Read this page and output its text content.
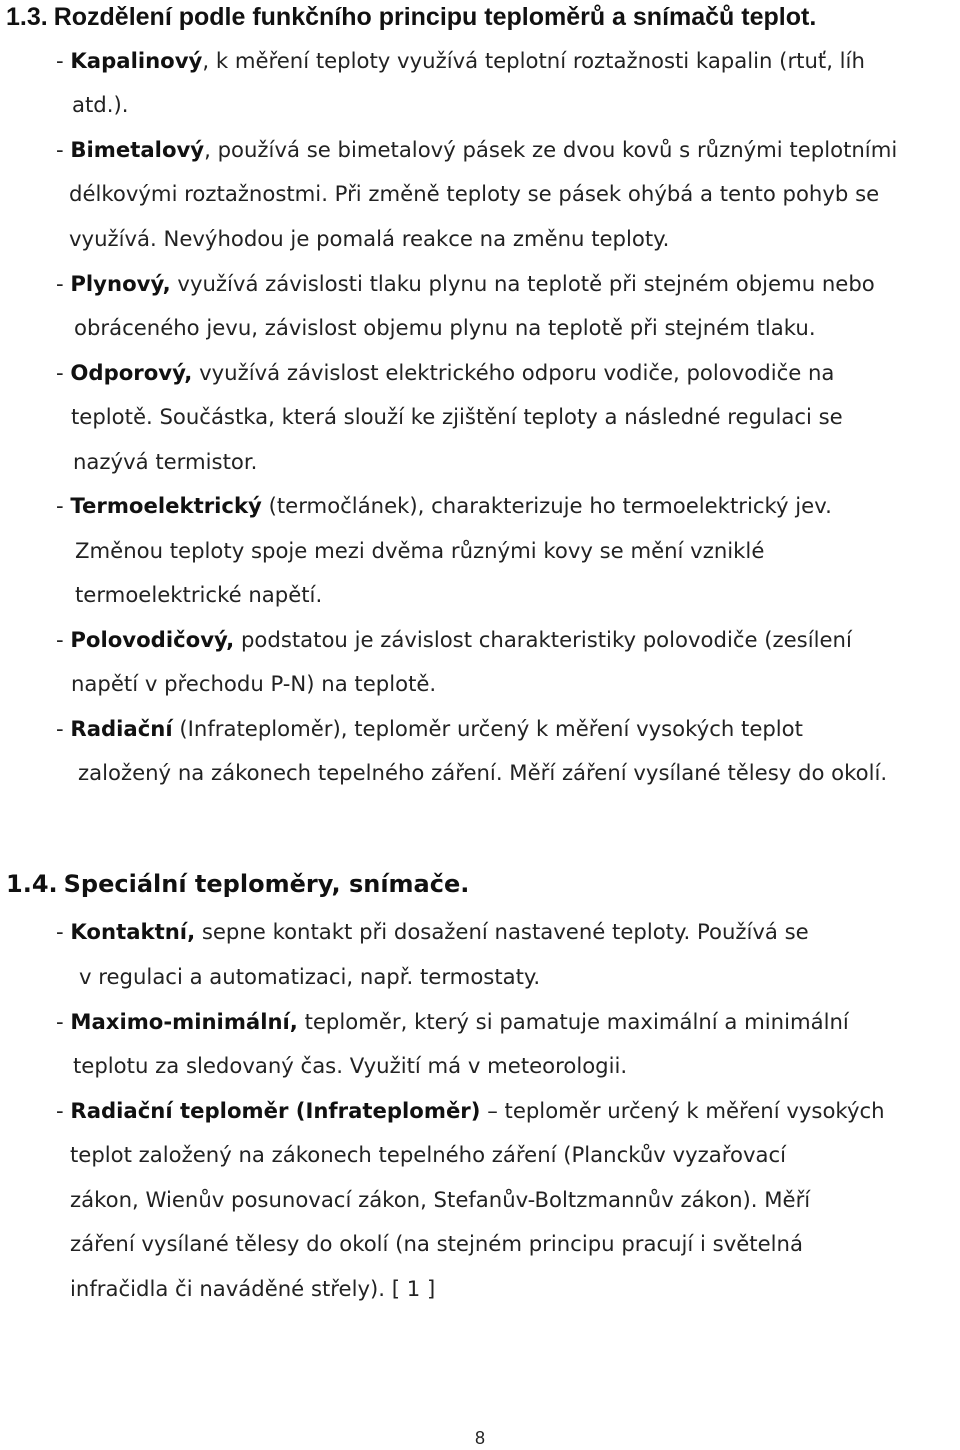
1.3. Rozdělení podle funkčního principu teploměrů a snímačů teplot.
- Kapalinový, k měření teploty využívá teplotní roztažnosti kapalin (rtuť, líh
atd.).
- Bimetalový, používá se bimetalový pásek ze dvou kovů s různými teplotními
délkovými roztažnostmi. Při změně teploty se pásek ohýbá a tento pohyb se
využívá. Nevýhodou je pomalá reakce na změnu teploty.
- Plynový, využívá závislosti tlaku plynu na teplotě při stejném objemu nebo
obráceného jevu, závislost objemu plynu na teplotě při stejném tlaku.
- Odporový, využívá závislost elektrického odporu vodiče, polovodiče na
teplotě. Součástka, která slouží ke zjištění teploty a následné regulaci se
nazývá termistor.
- Termoelektrický (termočlánek), charakterizuje ho termoelektrický jev.
Změnou teploty spoje mezi dvěma různými kovy se mění vzniklé
termoelektrické napětí.
- Polovodičový, podstatou je závislost charakteristiky polovodiče (zesílení
napětí v přechodu P-N) na teplotě.
- Radiační (Infrateploměr), teploměr určený k měření vysokých teplot
založený na zákonech tepelného záření. Měří záření vysílané tělesy do okolí.
1.4. Speciální teploměry, snímače.
- Kontaktní, sepne kontakt při dosažení nastavené teploty. Používá se
v regulaci a automatizaci, např. termostaty.
- Maximo-minimální, teploměr, který si pamatuje maximální a minimální
teplotu za sledovaný čas. Využití má v meteorologii.
- Radiační teploměr (Infrateploměr) – teploměr určený k měření vysokých
teplot založený na zákonech tepelného záření (Planckův vyzařovací
zákon, Wienův posunovací zákon, Stefanův-Boltzmannův zákon). Měří
záření vysílané tělesy do okolí (na stejném principu pracují i světelná
infračidla či naváděné střely). [ 1 ]
8
